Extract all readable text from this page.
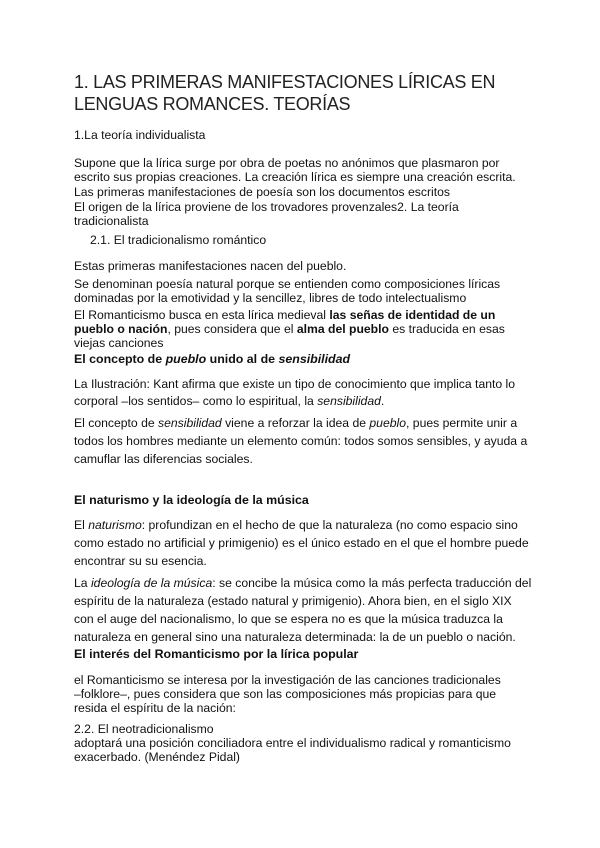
1. LAS PRIMERAS MANIFESTACIONES LÍRICAS EN
LENGUAS ROMANCES. TEORÍAS
1.La teoría individualista
Supone que la lírica surge por obra de poetas no anónimos que plasmaron por
escrito sus propias creaciones. La creación lírica es siempre una creación escrita.
Las primeras manifestaciones de poesía son los documentos escritos
El origen de la lírica proviene de los trovadores provenzales2. La teoría
tradicionalista
2.1. El tradicionalismo romántico
Estas primeras manifestaciones nacen del pueblo.
Se denominan poesía natural porque se entienden como composiciones líricas
dominadas por la emotividad y la sencillez, libres de todo intelectualismo
El Romanticismo busca en esta lírica medieval las señas de identidad de un
pueblo o nación, pues considera que el alma del pueblo es traducida en esas
viejas canciones
El concepto de pueblo unido al de sensibilidad
La Ilustración: Kant afirma que existe un tipo de conocimiento que implica tanto lo
corporal –los sentidos– como lo espiritual, la sensibilidad.
El concepto de sensibilidad viene a reforzar la idea de pueblo, pues permite unir a
todos los hombres mediante un elemento común: todos somos sensibles, y ayuda a
camuflar las diferencias sociales.
El naturismo y la ideología de la música
El naturismo: profundizan en el hecho de que la naturaleza (no como espacio sino
como estado no artificial y primigenio) es el único estado en el que el hombre puede
encontrar su su esencia.
La ideología de la música: se concibe la música como la más perfecta traducción del
espíritu de la naturaleza (estado natural y primigenio). Ahora bien, en el siglo XIX
con el auge del nacionalismo, lo que se espera no es que la música traduzca la
naturaleza en general sino una naturaleza determinada: la de un pueblo o nación.
El interés del Romanticismo por la lírica popular
el Romanticismo se interesa por la investigación de las canciones tradicionales
–folklore–, pues considera que son las composiciones más propicias para que
resida el espíritu de la nación:
2.2. El neotradicionalismo
adoptará una posición conciliadora entre el individualismo radical y romanticismo
exacerbado. (Menéndez Pidal)
